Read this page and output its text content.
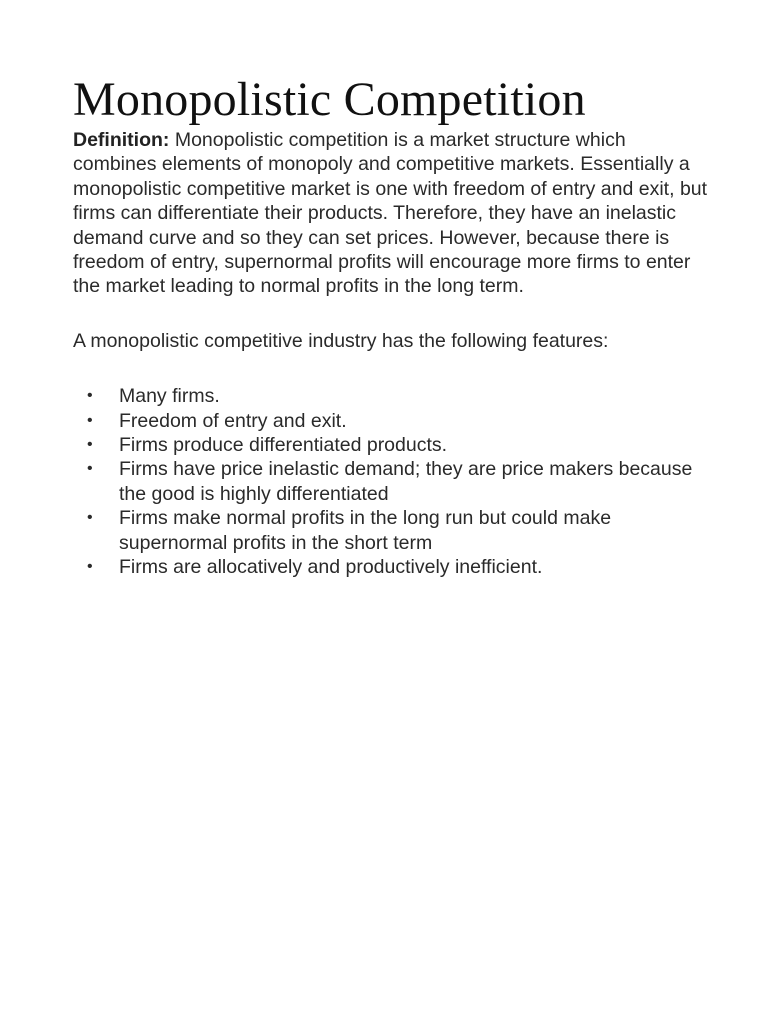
Monopolistic Competition

Definition: Monopolistic competition is a market structure which combines elements of monopoly and competitive markets. Essentially a monopolistic competitive market is one with freedom of entry and exit, but firms can differentiate their products. Therefore, they have an inelastic demand curve and so they can set prices. However, because there is freedom of entry, supernormal profits will encourage more firms to enter the market leading to normal profits in the long term.

A monopolistic competitive industry has the following features:

• Many firms.
• Freedom of entry and exit.
• Firms produce differentiated products.
• Firms have price inelastic demand; they are price makers because the good is highly differentiated
• Firms make normal profits in the long run but could make supernormal profits in the short term
• Firms are allocatively and productively inefficient.
